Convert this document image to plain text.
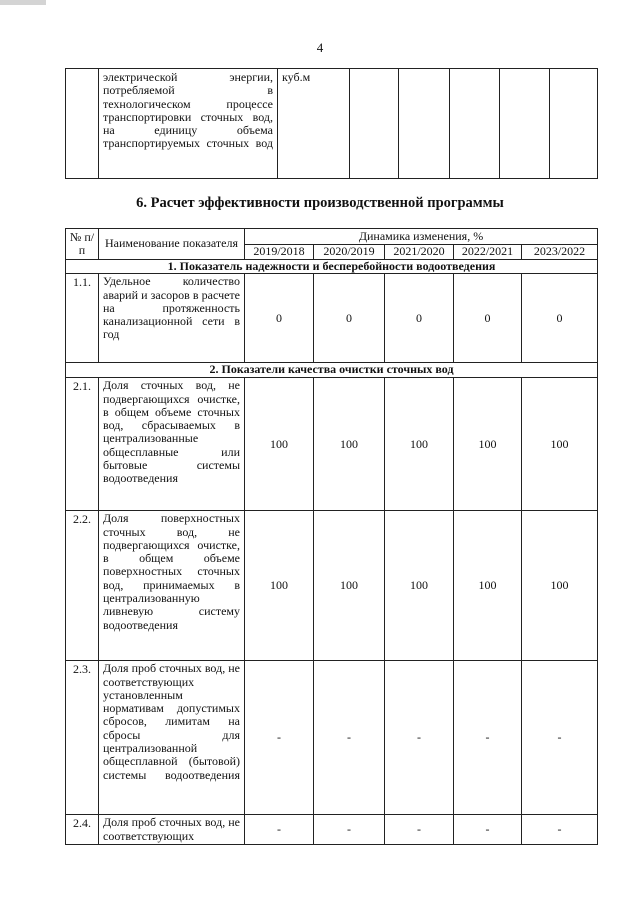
4
	электрической энергии, потребляемой в технологическом процессе транспортировки сточных вод, на единицу объема транспортируемых сточных вод	куб.м					
6. Расчет эффективности производственной программы
№ п/п	Наименование показателя	Динамика изменения, %				
		2019/2018	2020/2019	2021/2020	2022/2021	2023/2022
1. Показатель надежности и бесперебойности водоотведения						
1.1.	Удельное количество аварий и засоров в расчете на протяженность канализационной сети в год	0	0	0	0	0
2. Показатели качества очистки сточных вод						
2.1.	Доля сточных вод, не подвергающихся очистке, в общем объеме сточных вод, сбрасываемых в централизованные общесплавные или бытовые системы водоотведения	100	100	100	100	100
2.2.	Доля поверхностных сточных вод, не подвергающихся очистке, в общем объеме поверхностных сточных вод, принимаемых в централизованную ливневую систему водоотведения	100	100	100	100	100
2.3.	Доля проб сточных вод, не соответствующих установленным нормативам допустимых сбросов, лимитам на сбросы для централизованной общесплавной (бытовой) системы водоотведения	-	-	-	-	-
2.4.	Доля проб сточных вод, не соответствующих	-	-	-	-	-
